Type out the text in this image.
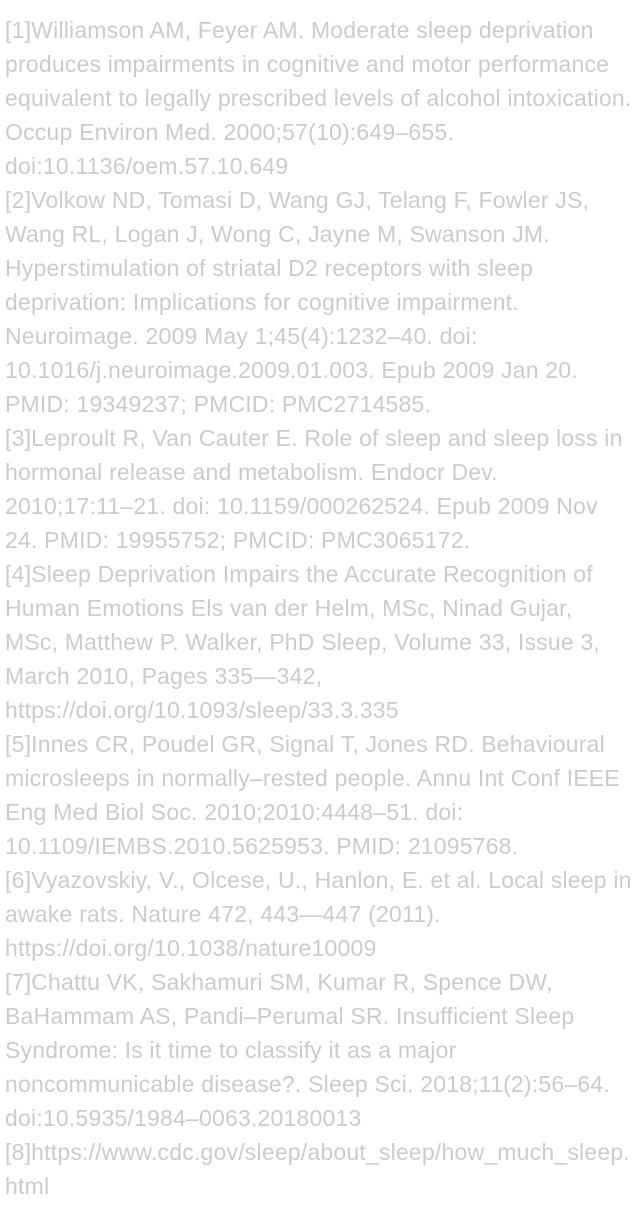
[1]Williamson AM, Feyer AM. Moderate sleep deprivation produces impairments in cognitive and motor performance equivalent to legally prescribed levels of alcohol intoxication. Occup Environ Med. 2000;57(10):649–655. doi:10.1136/oem.57.10.649

[2]Volkow ND, Tomasi D, Wang GJ, Telang F, Fowler JS, Wang RL, Logan J, Wong C, Jayne M, Swanson JM. Hyperstimulation of striatal D2 receptors with sleep deprivation: Implications for cognitive impairment. Neuroimage. 2009 May 1;45(4):1232–40. doi: 10.1016/j.neuroimage.2009.01.003. Epub 2009 Jan 20. PMID: 19349237; PMCID: PMC2714585.

[3]Leproult R, Van Cauter E. Role of sleep and sleep loss in hormonal release and metabolism. Endocr Dev. 2010;17:11–21. doi: 10.1159/000262524. Epub 2009 Nov 24. PMID: 19955752; PMCID: PMC3065172.

[4]Sleep Deprivation Impairs the Accurate Recognition of Human Emotions Els van der Helm, MSc, Ninad Gujar, MSc, Matthew P. Walker, PhD Sleep, Volume 33, Issue 3, March 2010, Pages 335—342, https://doi.org/10.1093/sleep/33.3.335

[5]Innes CR, Poudel GR, Signal T, Jones RD. Behavioural microsleeps in normally–rested people. Annu Int Conf IEEE Eng Med Biol Soc. 2010;2010:4448–51. doi: 10.1109/IEMBS.2010.5625953. PMID: 21095768.

[6]Vyazovskiy, V., Olcese, U., Hanlon, E. et al. Local sleep in awake rats. Nature 472, 443—447 (2011). https://doi.org/10.1038/nature10009

[7]Chattu VK, Sakhamuri SM, Kumar R, Spence DW, BaHammam AS, Pandi–Perumal SR. Insufficient Sleep Syndrome: Is it time to classify it as a major noncommunicable disease?. Sleep Sci. 2018;11(2):56–64. doi:10.5935/1984–0063.20180013

[8]https://www.cdc.gov/sleep/about_sleep/how_much_sleep.html
